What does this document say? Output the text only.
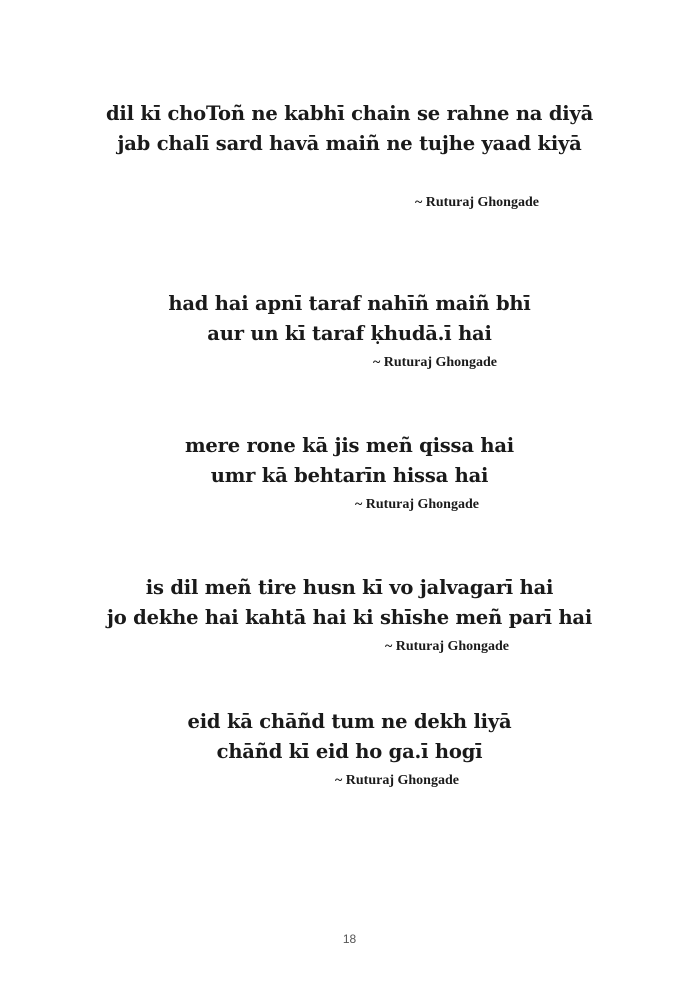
dil kī choToñ ne kabhī chain se rahne na diyā
jab chalī sard havā maiñ ne tujhe yaad kiyā
~ Ruturaj Ghongade
had hai apnī taraf nahīñ maiñ bhī
aur un kī taraf ḳhudā.ī hai
~ Ruturaj Ghongade
mere rone kā jis meñ qissa hai
umr kā behtarīn hissa hai
~ Ruturaj Ghongade
is dil meñ tire husn kī vo jalvagarī hai
jo dekhe hai kahtā hai ki shīshe meñ parī hai
~ Ruturaj Ghongade
eid kā chāñd tum ne dekh liyā
chāñd kī eid ho ga.ī hogī
~ Ruturaj Ghongade
18
